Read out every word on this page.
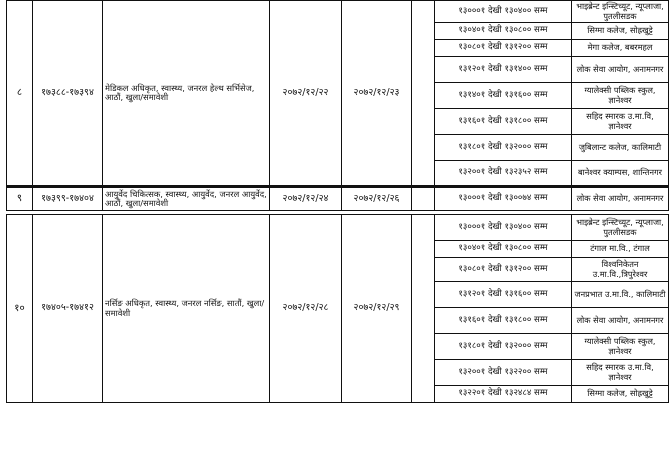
८	१७३८८-१७३९४	मेडिकल अधिकृत, स्वास्थ्य, जनरल हेल्थ सर्भिसेज, आठौं, खुला/समावेशी	२०७२/१२/२२	२०७२/१२/२३		१३०००१ देखी १३०४०० सम्म	भाइब्रेन्ट इन्स्टिच्यूट, न्यूप्लाजा, पुतलीसडक
						१३०४०१ देखी १३०८०० सम्म	सिग्मा कलेज, सोह्रखुट्टे
						१३०८०१ देखी १३१२०० सम्म	मेगा कलेज, बबरमहल
						१३१२०१ देखी १३१४०० सम्म	लोक सेवा आयोग, अनामनगर
						१३१४०१ देखी १३१६०० सम्म	ग्यालेक्सी पब्लिक स्कुल, ज्ञानेश्वर
						१३१६०१ देखी १३१८०० सम्म	सहिद स्मारक उ.मा.वि, ज्ञानेश्वर
						१३१८०१ देखी १३२००० सम्म	जुबिलान्ट कलेज, कालिमाटी
						१३२००१ देखी १३२३५२ सम्म	बानेश्वर क्याम्पस, शान्तिनगर
९	१७३९९-१७४०४	आयुर्वेद चिकित्सक, स्वास्थ्य, आयुर्वेद, जनरल आयुर्वेद, आठौं, खुला/समावेशी	२०७२/१२/२४	२०७२/१२/२६		१३०००१ देखी १३००७४ सम्म	लोक सेवा आयोग, अनामनगर

१०	१७४०५-१७४१२	नर्सिङ अधिकृत, स्वास्थ्य, जनरल नर्सिङ, सातौं, खुला/समावेशी	२०७२/१२/२८	२०७२/१२/२९		१३०००१ देखी १३०४०० सम्म	भाइब्रेन्ट इन्स्टिच्यूट, न्यूप्लाजा, पुतलीसडक
						१३०४०१ देखी १३०८०० सम्म	टंगाल मा.वि., टंगाल
						१३०८०१ देखी १३१२०० सम्म	विश्वनिकेतन उ.मा.वि.,त्रिपुरेश्वर
						१३१२०१ देखी १३१६०० सम्म	जनप्रभात उ.मा.वि., कालिमाटी
						१३१६०१ देखी १३१८०० सम्म	लोक सेवा आयोग, अनामनगर
						१३१८०१ देखी १३२००० सम्म	ग्यालेक्सी पब्लिक स्कुल, ज्ञानेश्वर
						१३२००१ देखी १३२२०० सम्म	सहिद स्मारक उ.मा.वि, ज्ञानेश्वर
						१३२२०१ देखी १३२४८४ सम्म	सिग्मा कलेज, सोह्रखुट्टे
